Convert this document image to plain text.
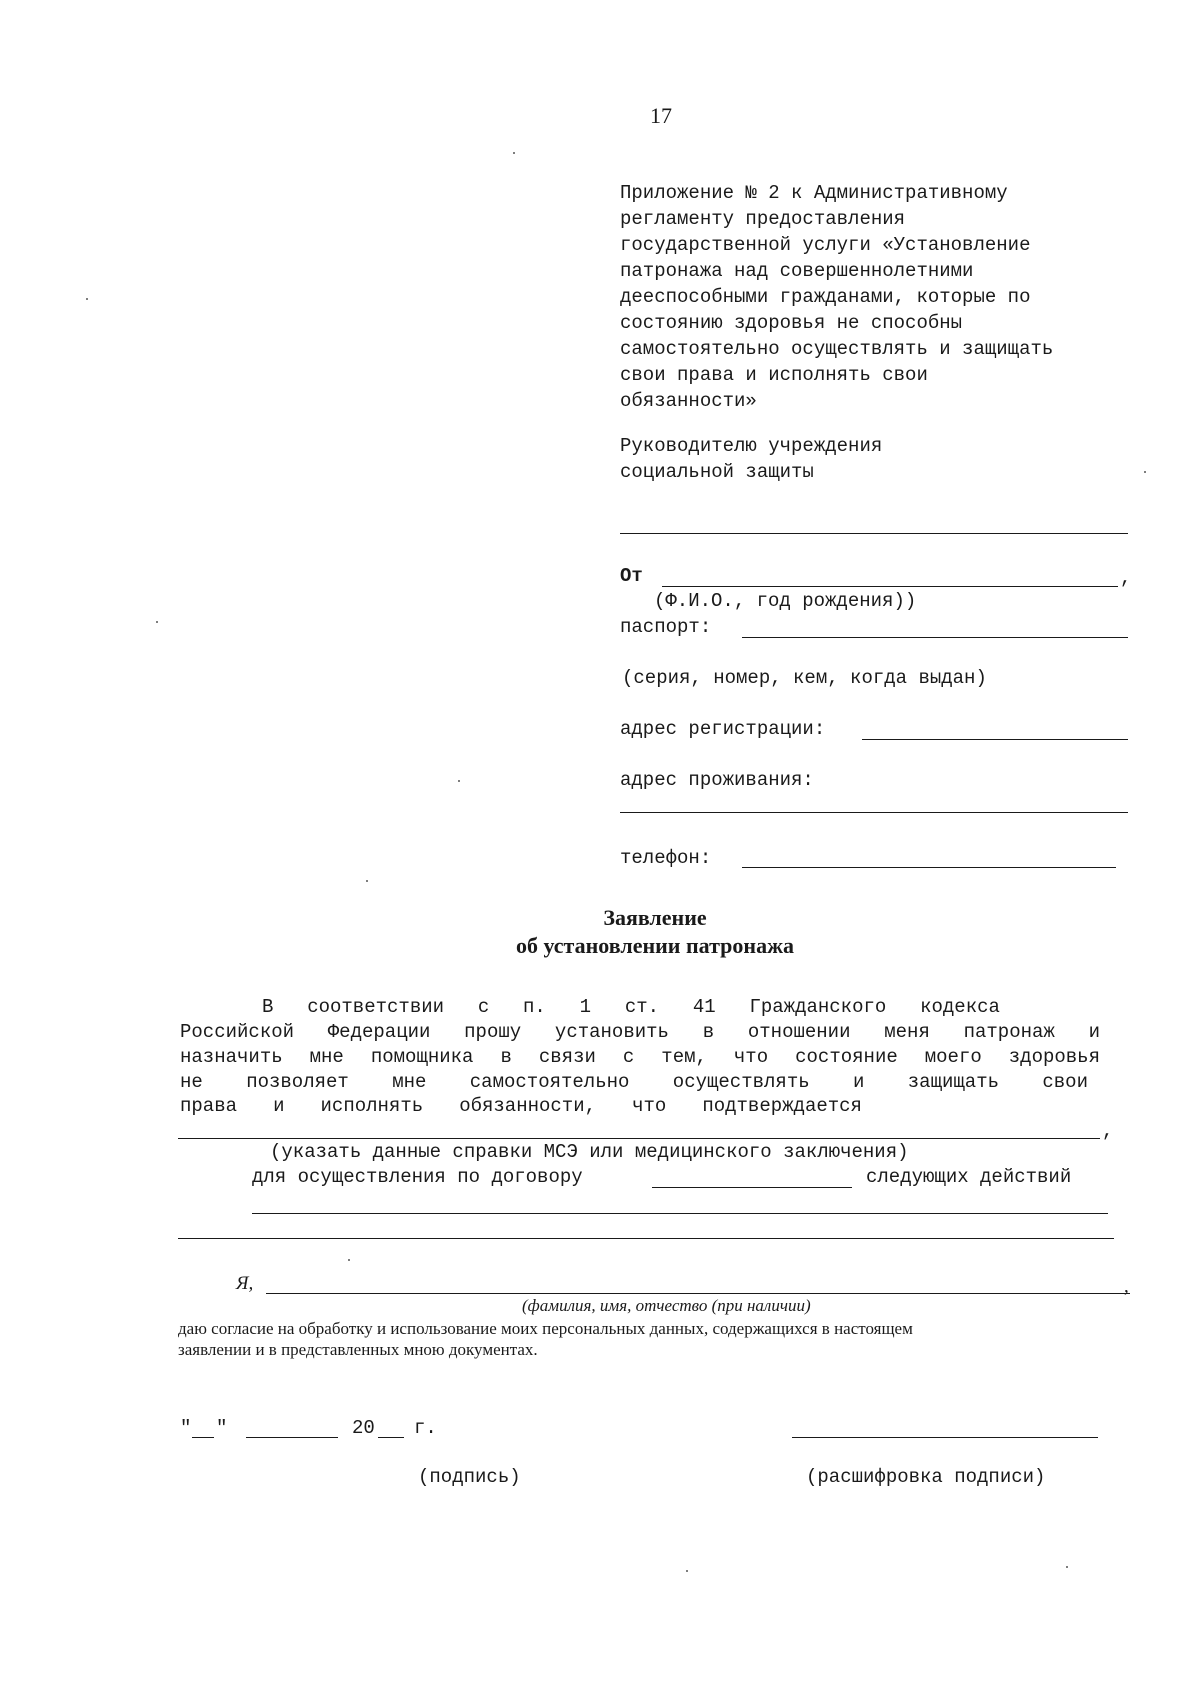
17
Приложение № 2 к Административному
регламенту предоставления
государственной услуги «Установление
патронажа над совершеннолетними
дееспособными гражданами, которые по
состоянию здоровья не способны
самостоятельно осуществлять и защищать
свои права и исполнять свои
обязанности»
Руководителю учреждения
социальной защиты
От	,
(Ф.И.О., год рождения))
паспорт:
(серия, номер, кем, когда выдан)
адрес регистрации:
адрес проживания:
телефон:
Заявление
об установлении патронажа
В соответствии с п. 1 ст. 41 Гражданского кодекса
Российской Федерации прошу установить в отношении меня патронаж и
назначить мне помощника в связи с тем, что состояние моего здоровья
не позволяет мне самостоятельно осуществлять и защищать свои
права и исполнять обязанности, что подтверждается
,
(указать данные справки МСЭ или медицинского заключения)
для осуществления по договору	следующих действий
Я,	,
(фамилия, имя, отчество (при наличии)
даю согласие на обработку и использование моих персональных данных, содержащихся в настоящем
заявлении и в представленных мною документах.
" "	20 г.
(подпись)	(расшифровка подписи)
